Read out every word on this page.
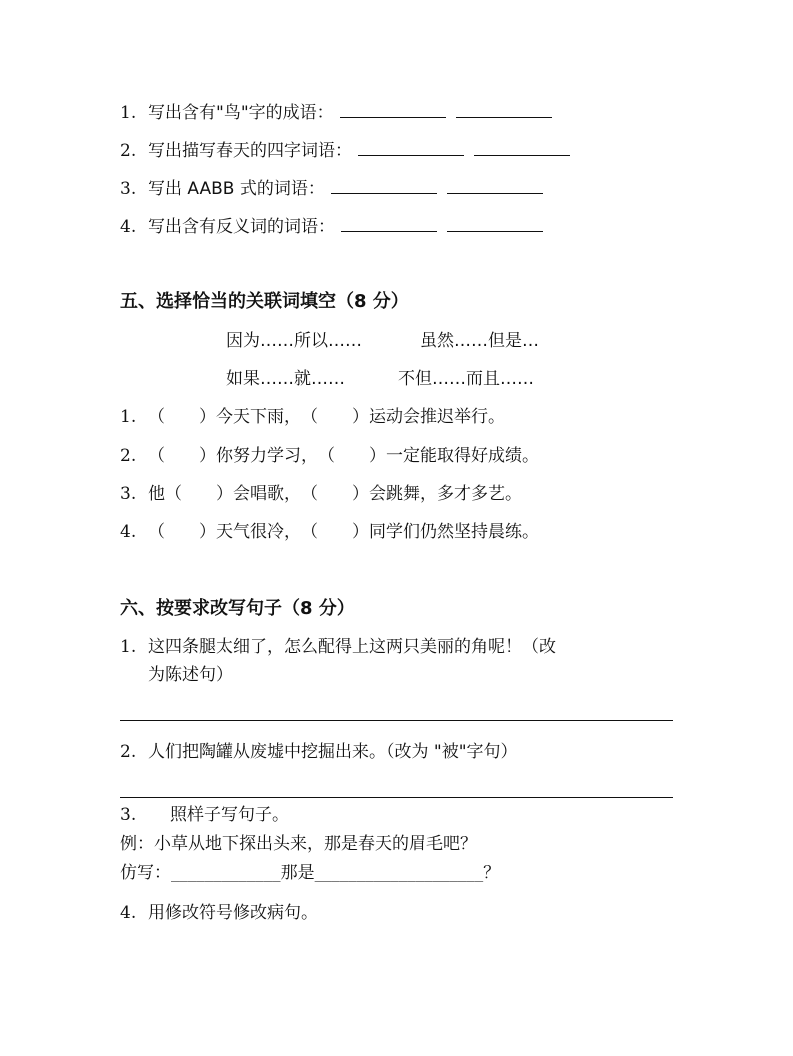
1. 写出含有"鸟"字的成语：
2. 写出描写春天的四字词语：
3. 写出 AABB 式的词语：
4. 写出含有反义词的词语：
五、选择恰当的关联词填空（8 分）
因为……所以……	虽然……但是…
如果……就……	不但……而且……
1. （　　）今天下雨，（　　）运动会推迟举行。
2. （　　）你努力学习，（　　）一定能取得好成绩。
3. 他（　　）会唱歌，（　　）会跳舞，多才多艺。
4. （　　）天气很冷，（　　）同学们仍然坚持晨练。
六、按要求改写句子（8 分）
1. 这四条腿太细了，怎么配得上这两只美丽的角呢！（改
为陈述句）
2. 人们把陶罐从废墟中挖掘出来。（改为 "被"字句）
3. 照样子写句子。
例：小草从地下探出头来，那是春天的眉毛吧？
仿写：_____________那是____________________？
4. 用修改符号修改病句。
